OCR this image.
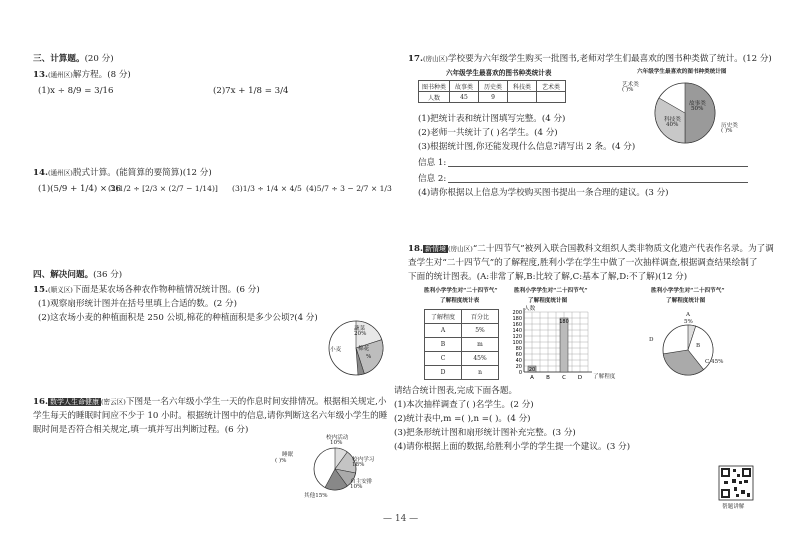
三、计算题。(20 分)
13.(通州区)解方程。(8 分)
(1)x ÷ 8/9 = 3/16	(2)7x + 1/8 = 3/4
14.(通州区)脱式计算。(能简算的要简算)(12 分)
(1)(5/9 + 1/4) × 36
(2)1/2 ÷ [2/3 × (2/7 − 1/14)] (3)1/3 ÷ 1/4 × 4/5 (4)5/7 ÷ 3 − 2/7 × 1/3
四、解决问题。(36 分)
15.(顺义区)下面是某农场各种农作物种植情况统计图。(6 分)
(1)观察扇形统计图并在括号里填上合适的数。(2 分)
(2)这农场小麦的种植面积是 250 公顷,棉花的种植面积是多少公顷?(4 分)
蔬菜
20%
小麦	棉花
%
16. 数学人生命健康 (密云区)下图是一名六年级小学生一天的作息时间安排情况。根据相关规定,小
学生每天的睡眠时间应不少于 10 小时。根据统计图中的信息,请你判断这名六年级小学生的睡
眠时间是否符合相关规定,填一填并写出判断过程。(6 分)
睡眠
( )%
校内活动
10%
校内学习
18%
自主安排
10%
其他15%
17.(房山区)学校要为六年级学生购买一批图书,老师对学生们最喜欢的图书种类做了统计。(12 分)
六年级学生最喜欢的图书种类统计表
图书种类	故事类	历史类	科技类	艺术类
人数	45	9		
六年级学生最喜欢的图书种类统计图
艺术类
( )%
故事类
50%
科技类
40%	历史类
( )%
(1)把统计表和统计图填写完整。(4 分)
(2)老师一共统计了( )名学生。(4 分)
(3)根据统计图,你还能发现什么信息?请写出 2 条。(4 分)
信息 1:
信息 2:
(4)请你根据以上信息为学校购买图书提出一条合理的建议。(3 分)
18. 新情境 (房山区)“二十四节气”被列入联合国教科文组织人类非物质文化遗产代表作名录。为了调
查学生对“二十四节气”的了解程度,胜利小学在学生中做了一次抽样调查,根据调查结果绘制了
下面的统计图表。(A:非常了解,B:比较了解,C:基本了解,D:不了解)(12 分)
胜利小学学生对“二十四节气”
了解程度统计表
了解程度	百分比
A	5%
B	m
C	45%
D	n
胜利小学学生对“二十四节气”
了解程度统计图
人数
了解程度
200
180
160
140
120
100
80
60
40
20
0 20
A B
180
C D
胜利小学学生对“二十四节气”
了解程度统计图
A
5%
B
C 45%
D
请结合统计图表,完成下面各题。
(1)本次抽样调查了( )名学生。(2 分)
(2)统计表中,m =( ),n =( )。(4 分)
(3)把条形统计图和扇形统计图补充完整。(3 分)
(4)请你根据上面的数据,给胜利小学的学生提一个建议。(3 分)
帮题讲解
— 14 —
